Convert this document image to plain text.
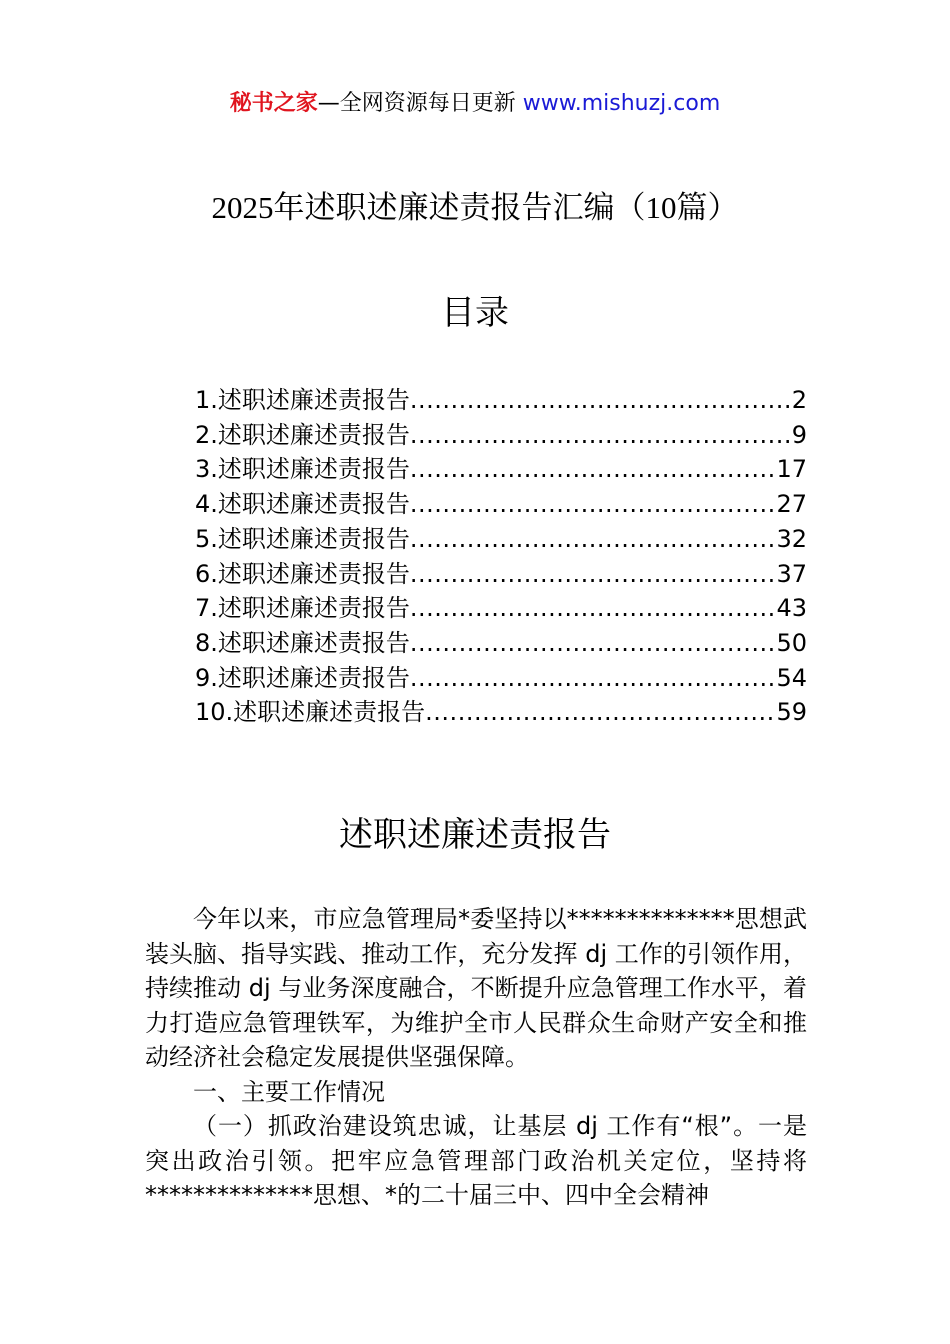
秘书之家—全网资源每日更新 www.mishuzj.com
2025年述职述廉述责报告汇编（10篇）
目录
1.述职述廉述责报告 .....	2
2.述职述廉述责报告 .....	9
3.述职述廉述责报告 .....	17
4.述职述廉述责报告 .....	27
5.述职述廉述责报告 .....	32
6.述职述廉述责报告 .....	37
7.述职述廉述责报告 .....	43
8.述职述廉述责报告 .....	50
9.述职述廉述责报告 .....	54
10.述职述廉述责报告 .....	59
述职述廉述责报告

今年以来，市应急管理局*委坚持以**************思想武装头脑、指导实践、推动工作，充分发挥 dj 工作的引领作用，持续推动 dj 与业务深度融合，不断提升应急管理工作水平，着力打造应急管理铁军，为维护全市人民群众生命财产安全和推动经济社会稳定发展提供坚强保障。

一、主要工作情况

（一）抓政治建设筑忠诚，让基层 dj 工作有“根”。一是突出政治引领。把牢应急管理部门政治机关定位，坚持将**************思想、*的二十届三中、四中全会精神
